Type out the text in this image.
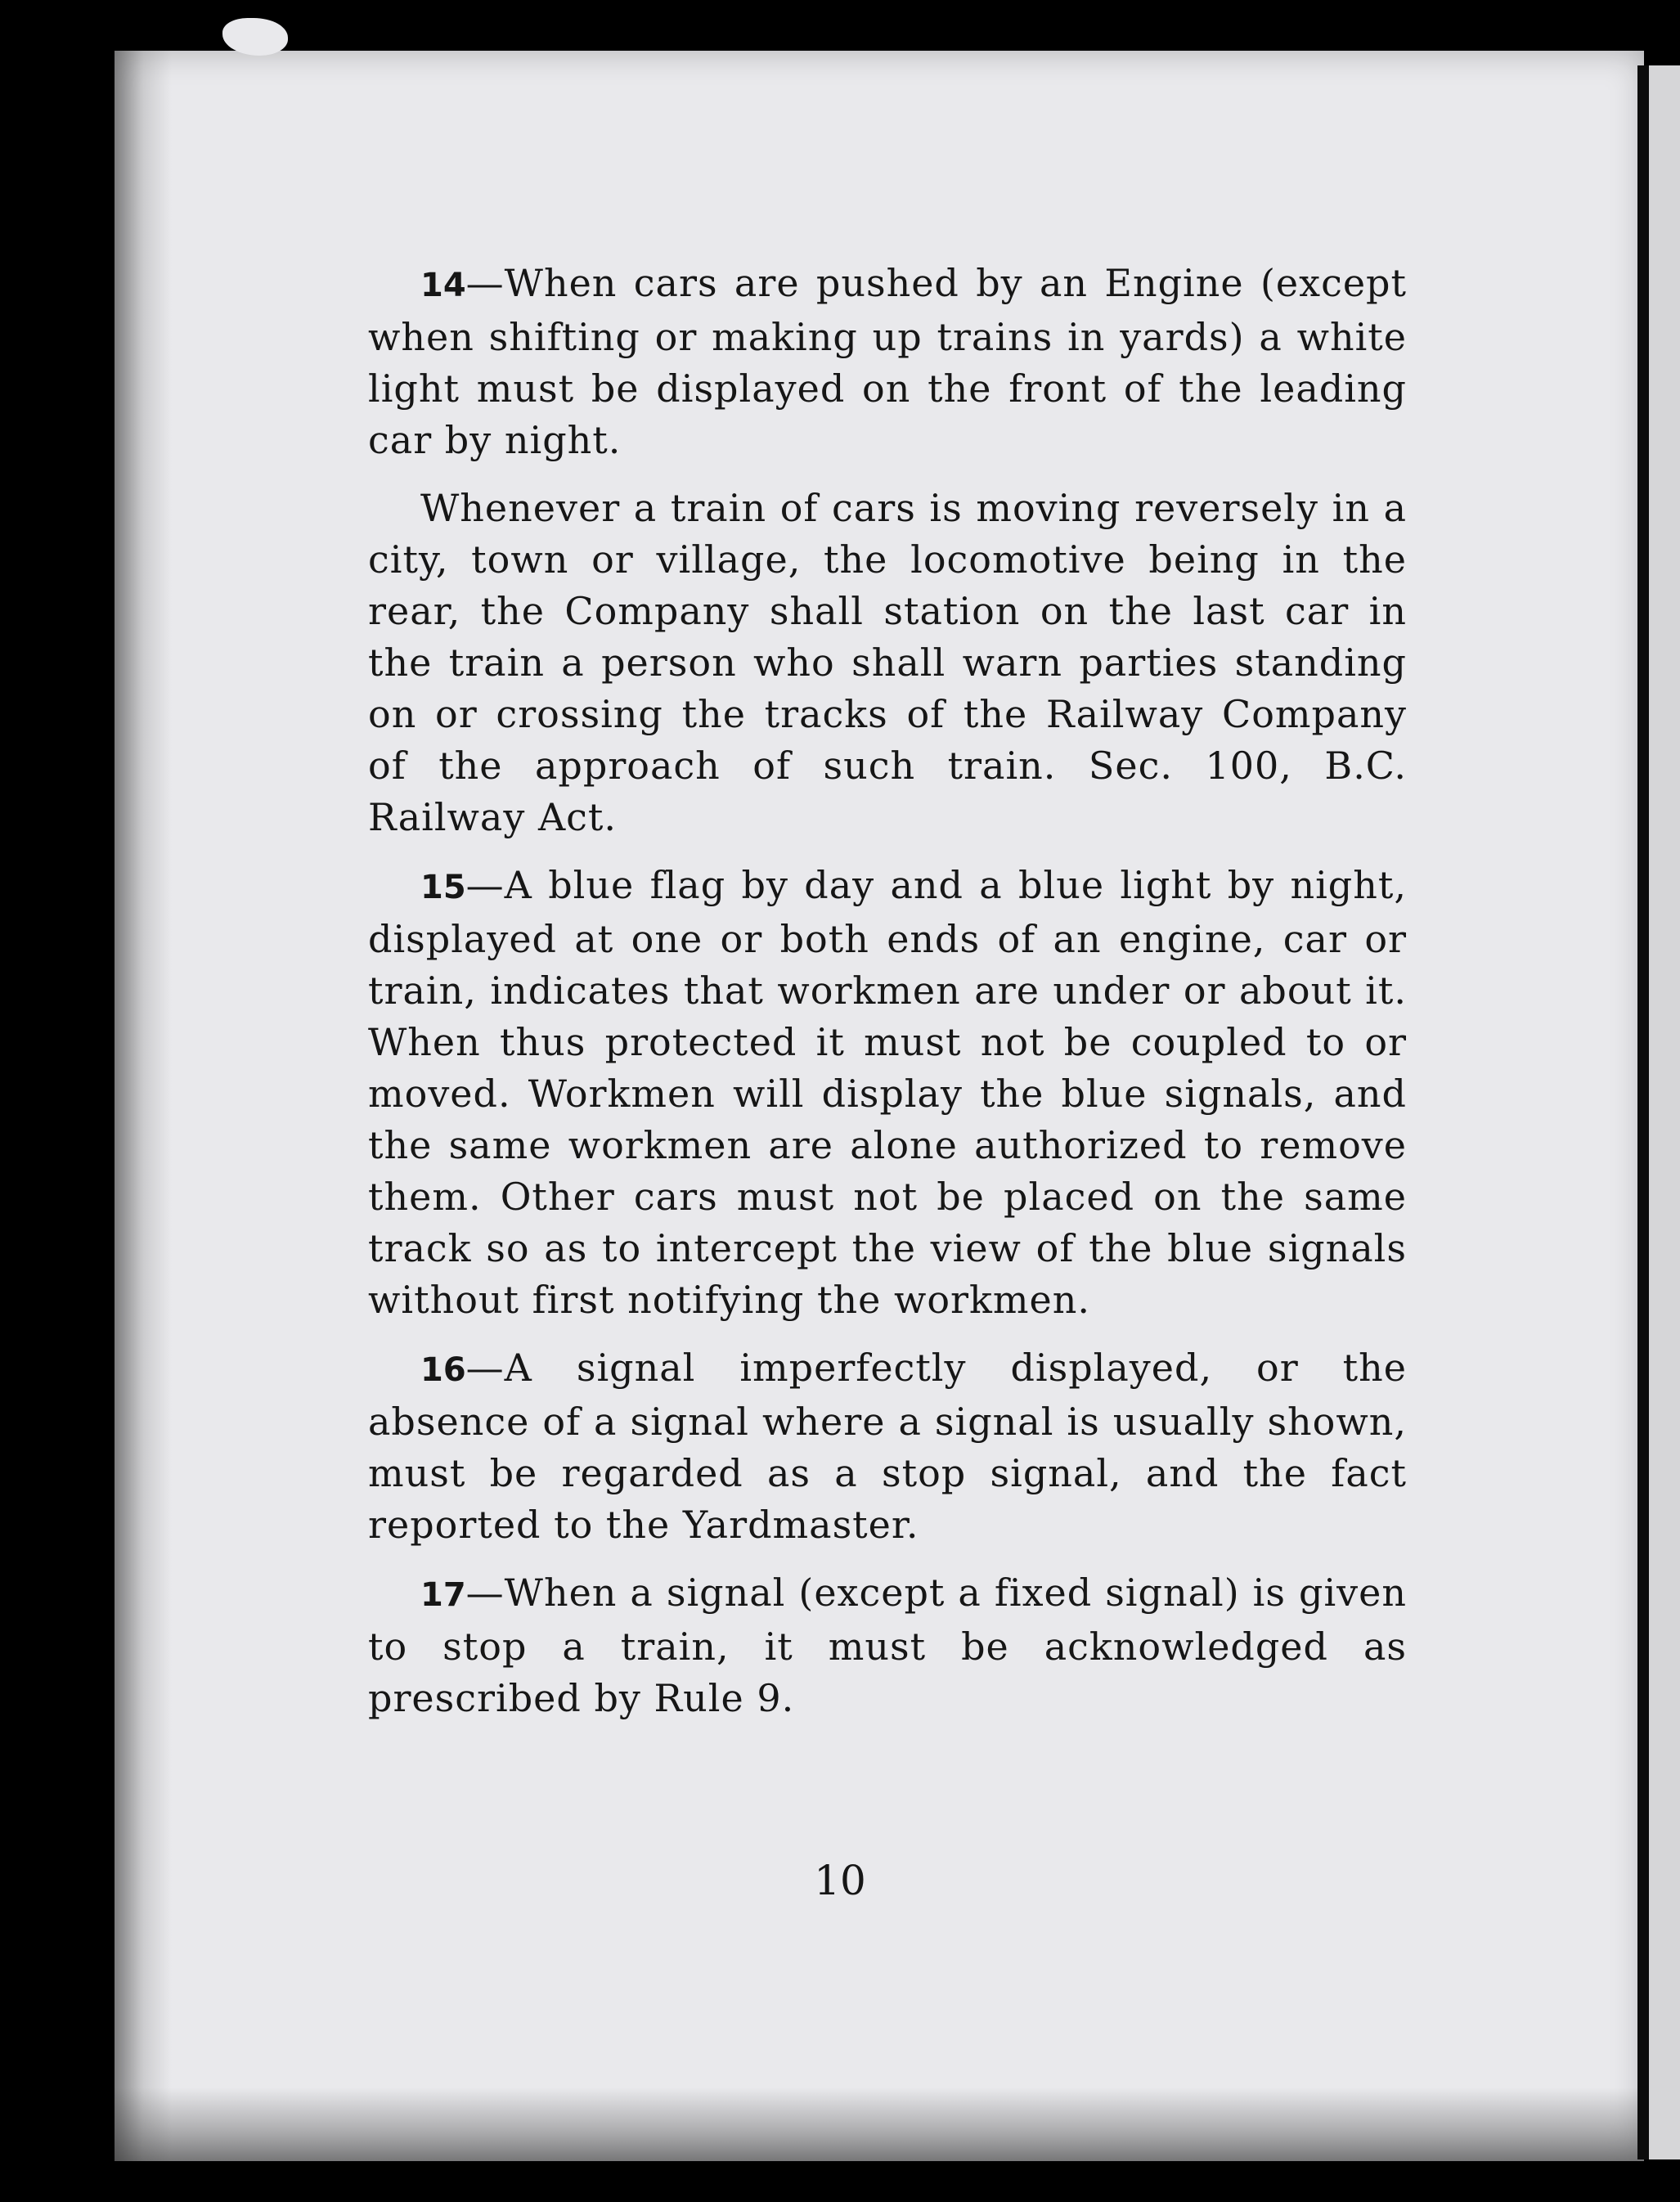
14—When cars are pushed by an Engine (except when shifting or making up trains in yards) a white light must be displayed on the front of the leading car by night.

Whenever a train of cars is moving reversely in a city, town or village, the locomotive being in the rear, the Company shall station on the last car in the train a person who shall warn parties standing on or crossing the tracks of the Railway Company of the approach of such train. Sec. 100, B.C. Railway Act.

15—A blue flag by day and a blue light by night, displayed at one or both ends of an engine, car or train, indicates that workmen are under or about it. When thus protected it must not be coupled to or moved. Workmen will display the blue signals, and the same workmen are alone authorized to remove them. Other cars must not be placed on the same track so as to intercept the view of the blue signals without first notifying the workmen.

16—A signal imperfectly displayed, or the absence of a signal where a signal is usually shown, must be regarded as a stop signal, and the fact reported to the Yardmaster.

17—When a signal (except a fixed signal) is given to stop a train, it must be acknowledged as prescribed by Rule 9.

10
